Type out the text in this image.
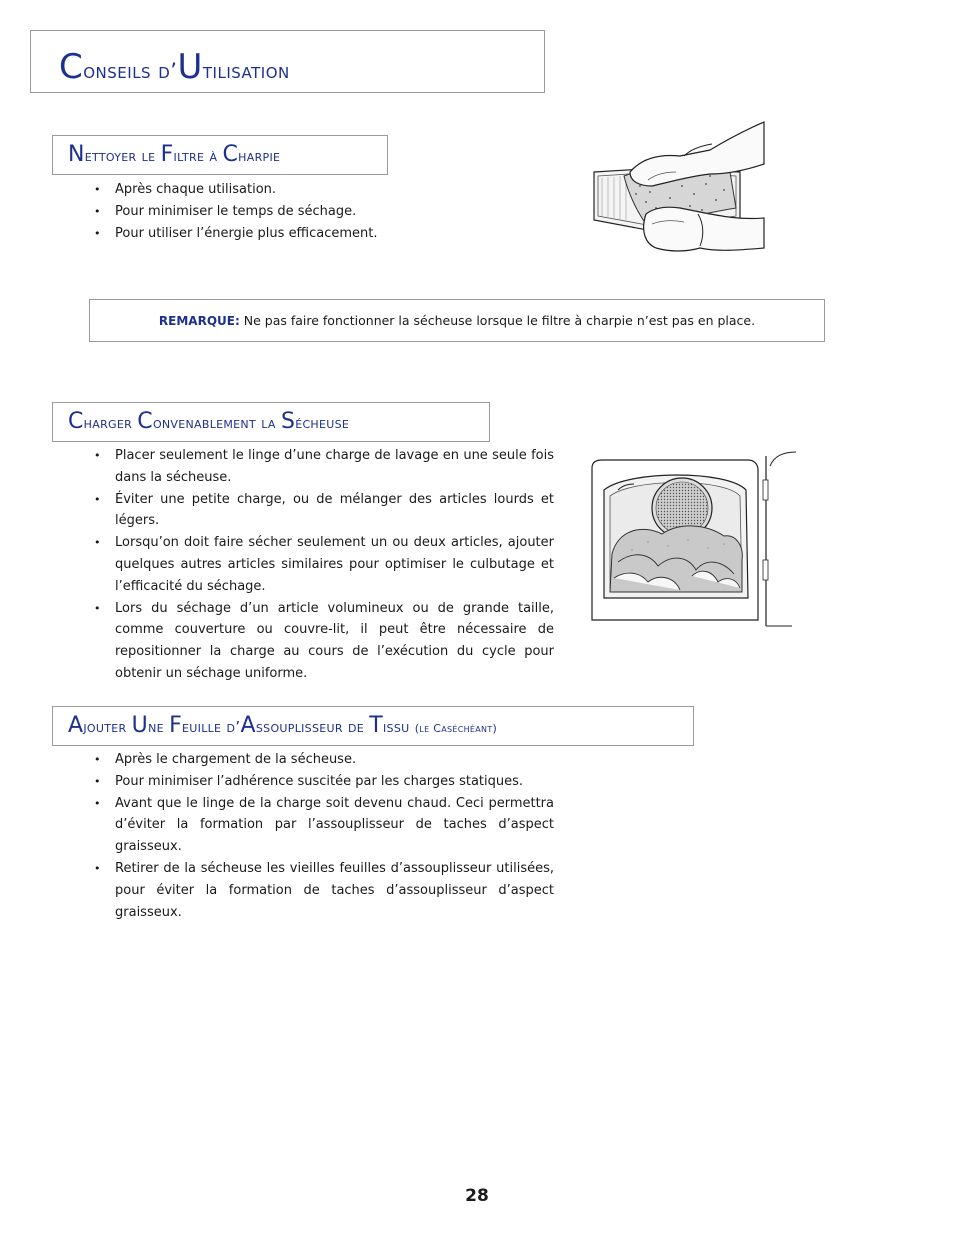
Conseils d’Utilisation
Nettoyer le Filtre à Charpie
• Après chaque utilisation.
• Pour minimiser le temps de séchage.
• Pour utiliser l’énergie plus efficacement.
REMARQUE: Ne pas faire fonctionner la sécheuse lorsque le filtre à charpie n’est pas en place.
Charger Convenablement la Sécheuse
• Placer seulement le linge d’une charge de lavage en une seule fois dans la sécheuse.
• Éviter une petite charge, ou de mélanger des articles lourds et légers.
• Lorsqu’on doit faire sécher seulement un ou deux articles, ajouter quelques autres articles similaires pour optimiser le culbutage et l’efficacité du séchage.
• Lors du séchage d’un article volumineux ou de grande taille, comme couverture ou couvre-lit, il peut être nécessaire de repositionner la charge au cours de l’exécution du cycle pour obtenir un séchage uniforme.
Ajouter Une Feuille d’Assouplisseur de Tissu (le Caséchéant)
• Après le chargement de la sécheuse.
• Pour minimiser l’adhérence suscitée par les charges statiques.
• Avant que le linge de la charge soit devenu chaud. Ceci permettra d’éviter la formation par l’assouplisseur de taches d’aspect graisseux.
• Retirer de la sécheuse les vieilles feuilles d’assouplisseur utilisées, pour éviter la formation de taches d’assouplisseur d’aspect graisseux.
28
